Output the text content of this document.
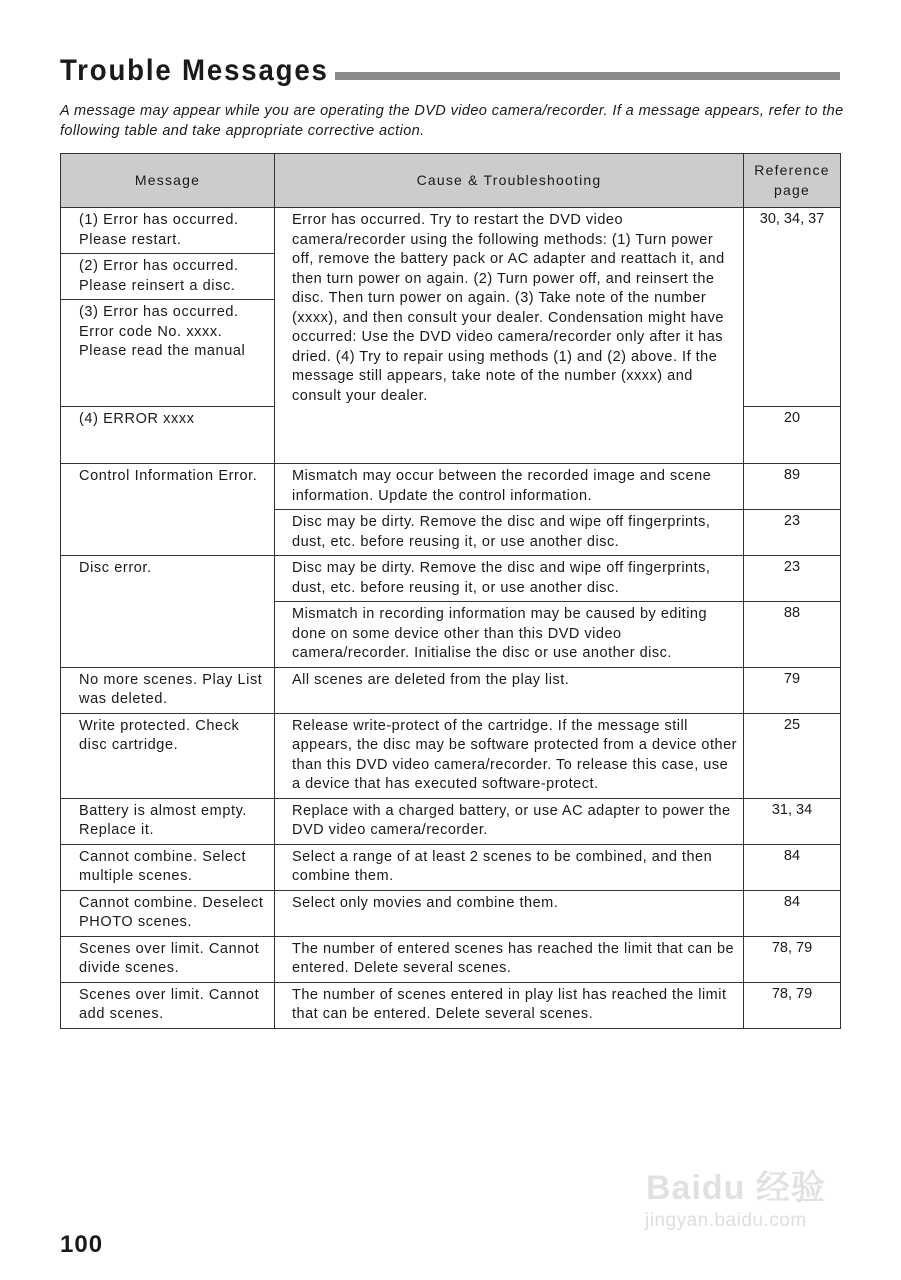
Trouble Messages

A message may appear while you are operating the DVD video camera/recorder. If a message appears, refer to the following table and take appropriate corrective action.

Message	Cause & Troubleshooting	Reference
page
(1) Error has occurred. Please restart.	Error has occurred. Try to restart the DVD video camera/recorder using the following methods: (1) Turn power off, remove the battery pack or AC adapter and reattach it, and then turn power on again. (2) Turn power off, and reinsert the disc. Then turn power on again. (3) Take note of the number (xxxx), and then consult your dealer. Condensation might have occurred: Use the DVD video camera/recorder only after it has dried. (4) Try to repair using methods (1) and (2) above. If the message still appears, take note of the number (xxxx) and consult your dealer.	30, 34, 37
(2) Error has occurred. Please reinsert a disc.		
(3) Error has occurred. Error code No. xxxx. Please read the manual		
(4) ERROR xxxx		20
Control Information Error.	Mismatch may occur between the recorded image and scene information. Update the control information.	89
	Disc may be dirty. Remove the disc and wipe off fingerprints, dust, etc. before reusing it, or use another disc.	23
Disc error.	Disc may be dirty. Remove the disc and wipe off fingerprints, dust, etc. before reusing it, or use another disc.	23
	Mismatch in recording information may be caused by editing done on some device other than this DVD video camera/recorder. Initialise the disc or use another disc.	88
No more scenes. Play List was deleted.	All scenes are deleted from the play list.	79
Write protected. Check disc cartridge.	Release write-protect of the cartridge. If the message still appears, the disc may be software protected from a device other than this DVD video camera/recorder. To release this case, use a device that has executed software-protect.	25
Battery is almost empty. Replace it.	Replace with a charged battery, or use AC adapter to power the DVD video camera/recorder.	31, 34
Cannot combine. Select multiple scenes.	Select a range of at least 2 scenes to be combined, and then combine them.	84
Cannot combine. Deselect PHOTO scenes.	Select only movies and combine them.	84
Scenes over limit. Cannot divide scenes.	The number of entered scenes has reached the limit that can be entered. Delete several scenes.	78, 79
Scenes over limit. Cannot add scenes.	The number of scenes entered in play list has reached the limit that can be entered. Delete several scenes.	78, 79
Baidu 经验
jingyan.baidu.com
100
